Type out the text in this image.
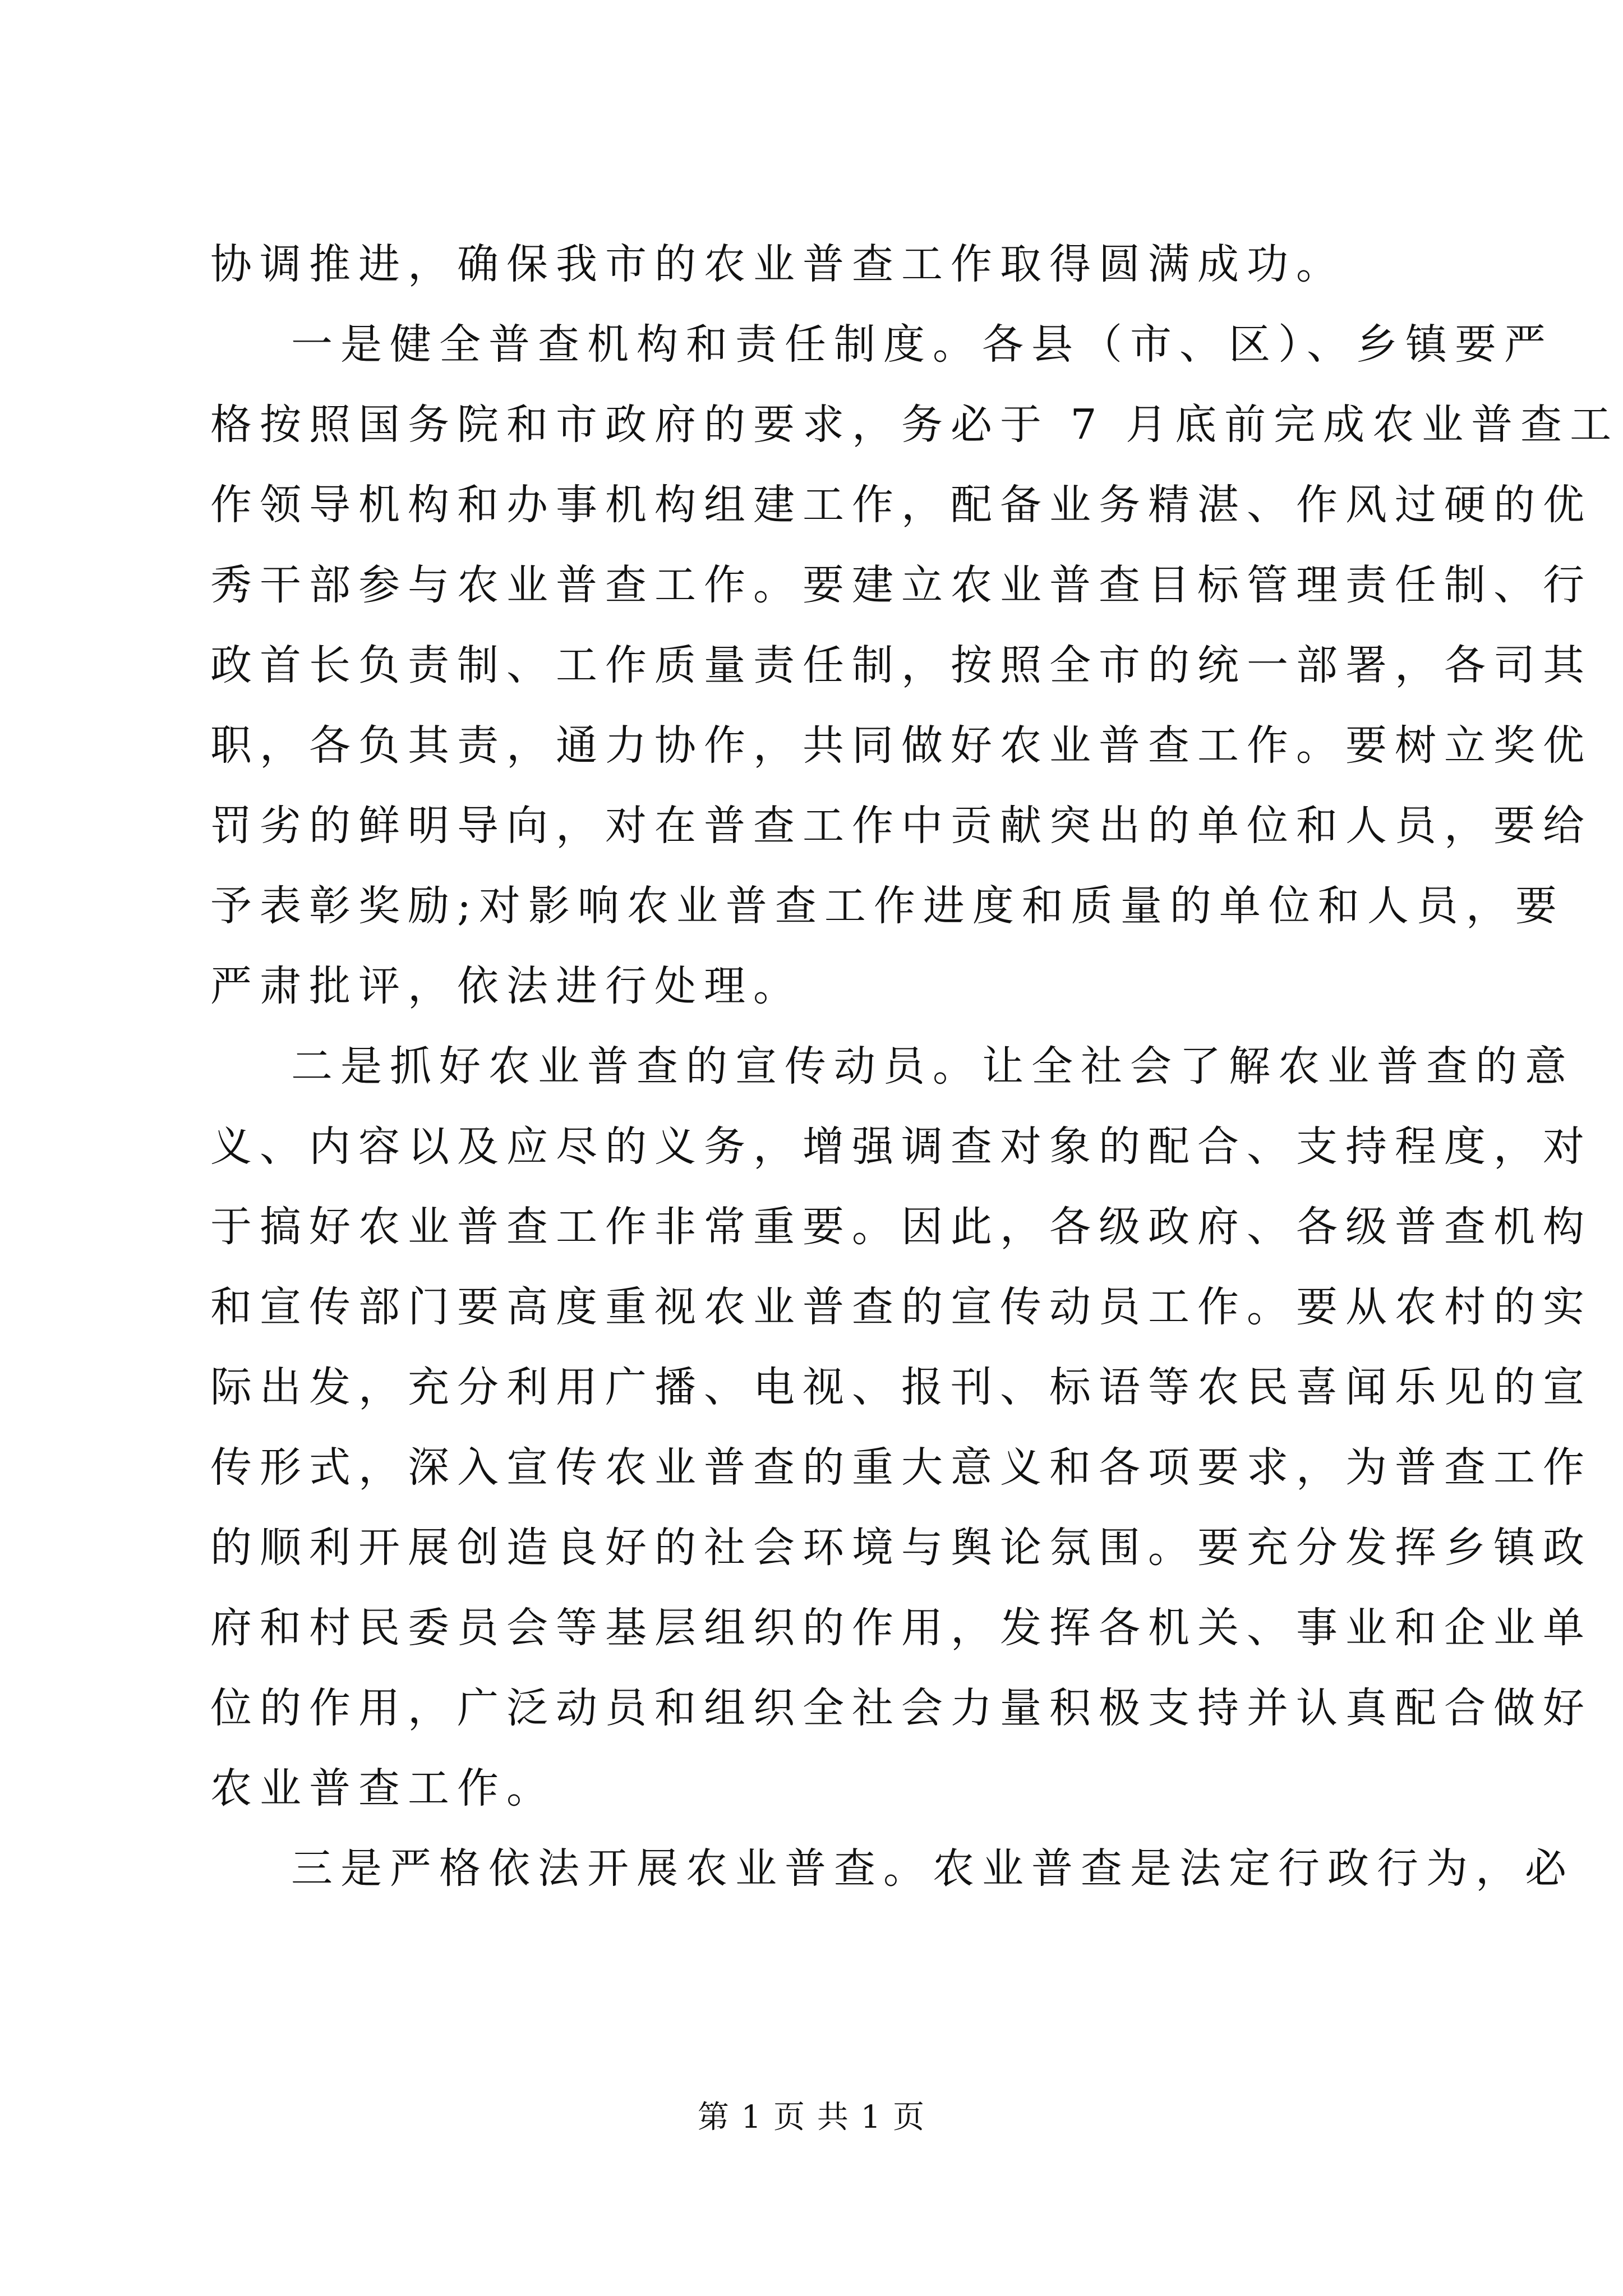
协调推进，确保我市的农业普查工作取得圆满成功。
一是健全普查机构和责任制度。各县（市、区）、乡镇要严
格按照国务院和市政府的要求，务必于 7 月底前完成农业普查工
作领导机构和办事机构组建工作，配备业务精湛、作风过硬的优
秀干部参与农业普查工作。要建立农业普查目标管理责任制、行
政首长负责制、工作质量责任制，按照全市的统一部署，各司其
职，各负其责，通力协作，共同做好农业普查工作。要树立奖优
罚劣的鲜明导向，对在普查工作中贡献突出的单位和人员，要给
予表彰奖励;对影响农业普查工作进度和质量的单位和人员，要
严肃批评，依法进行处理。
二是抓好农业普查的宣传动员。让全社会了解农业普查的意
义、内容以及应尽的义务，增强调查对象的配合、支持程度，对
于搞好农业普查工作非常重要。因此，各级政府、各级普查机构
和宣传部门要高度重视农业普查的宣传动员工作。要从农村的实
际出发，充分利用广播、电视、报刊、标语等农民喜闻乐见的宣
传形式，深入宣传农业普查的重大意义和各项要求，为普查工作
的顺利开展创造良好的社会环境与舆论氛围。要充分发挥乡镇政
府和村民委员会等基层组织的作用，发挥各机关、事业和企业单
位的作用，广泛动员和组织全社会力量积极支持并认真配合做好
农业普查工作。
三是严格依法开展农业普查。农业普查是法定行政行为，必
第 1 页 共 1 页
